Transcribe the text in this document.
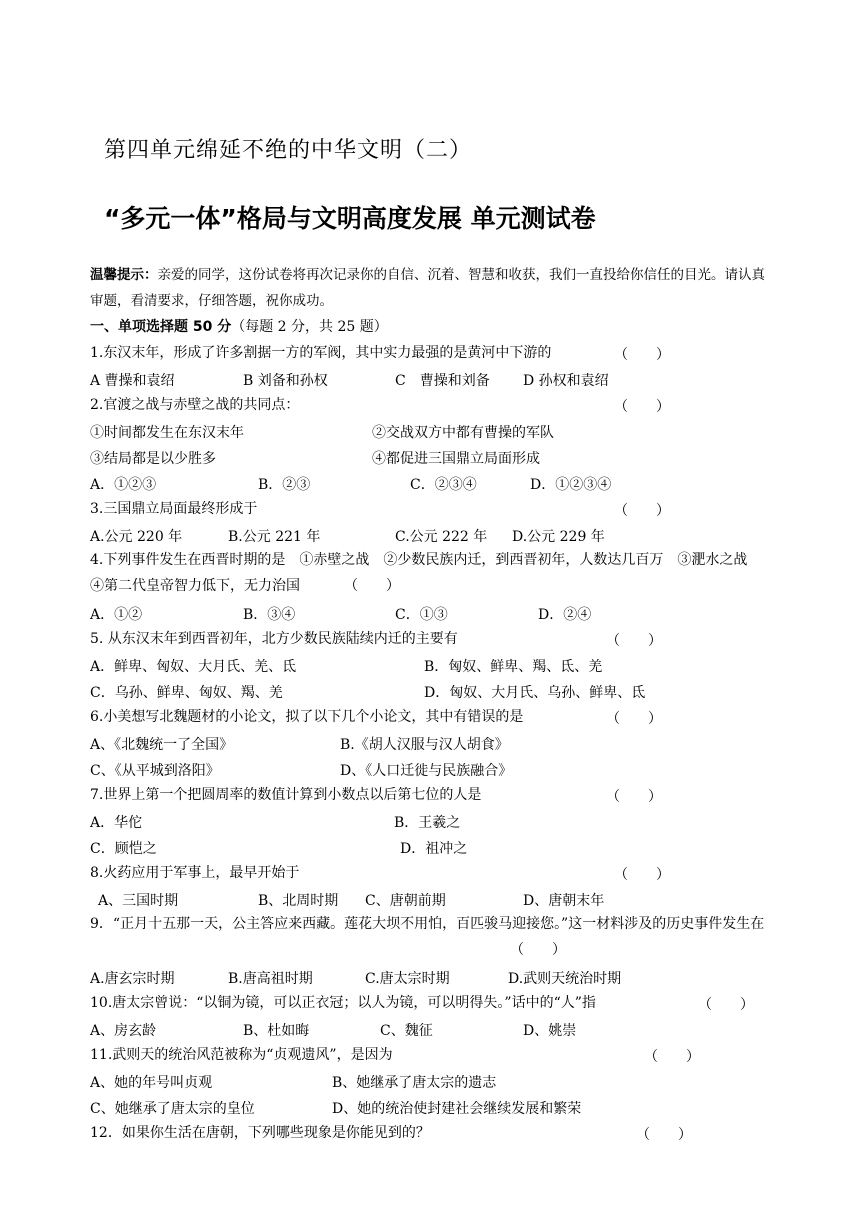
第四单元绵延不绝的中华文明（二）
“多元一体”格局与文明高度发展 单元测试卷
温馨提示：亲爱的同学，这份试卷将再次记录你的自信、沉着、智慧和收获，我们一直投给你信任的目光。请认真审题，看清要求，仔细答题，祝你成功。
一、单项选择题 50 分（每题 2 分，共 25 题）
1.东汉末年，形成了许多割据一方的军阀，其中实力最强的是黄河中下游的	（　　）
A 曹操和袁绍	B 刘备和孙权	C　曹操和刘备 D 孙权和袁绍
2.官渡之战与赤壁之战的共同点：	（　　）
①时间都发生在东汉末年	②交战双方中都有曹操的军队
③结局都是以少胜多	④都促进三国鼎立局面形成
A．①②③	B．②③	C．②③④	D．①②③④
3.三国鼎立局面最终形成于	（　　）
A.公元 220 年	B.公元 221 年	C.公元 222 年 D.公元 229 年
4.下列事件发生在西晋时期的是　①赤壁之战　②少数民族内迁，到西晋初年，人数达几百万　③淝水之战　④第二代皇帝智力低下，无力治国	（　　）
A．①②	B．③④	C．①③	D．②④
5. 从东汉末年到西晋初年，北方少数民族陆续内迁的主要有	（　　）
A．鲜卑、匈奴、大月氏、羌、氐	B．匈奴、鲜卑、羯、氐、羌
C．乌孙、鲜卑、匈奴、羯、羌	D．匈奴、大月氏、乌孙、鲜卑、氐
6.小美想写北魏题材的小论文，拟了以下几个小论文，其中有错误的是	（　　）
A、《北魏统一了全国》	B.《胡人汉服与汉人胡食》
C、《从平城到洛阳》	D、《人口迁徙与民族融合》
7.世界上第一个把圆周率的数值计算到小数点以后第七位的人是	（　　）
A．华佗	B．王羲之
C．顾恺之	D．祖冲之
8.火药应用于军事上，最早开始于	（　　）
A、三国时期	B、北周时期 C、唐朝前期	D、唐朝末年
9．“正月十五那一天，公主答应来西藏。莲花大坝不用怕，百匹骏马迎接您。”这一材料涉及的历史事件发生在（　　）
A.唐玄宗时期	B.唐高祖时期	C.唐太宗时期	D.武则天统治时期
10.唐太宗曾说：“以铜为镜，可以正衣冠；以人为镜，可以明得失。”话中的“人”指	（　　）
A、房玄龄	B、杜如晦	C、魏征	D、姚崇
11.武则天的统治风范被称为“贞观遗风”，是因为	（　　）
A、她的年号叫贞观	B、她继承了唐太宗的遗志
C、她继承了唐太宗的皇位	D、她的统治使封建社会继续发展和繁荣
12．如果你生活在唐朝，下列哪些现象是你能见到的？	（　　）
